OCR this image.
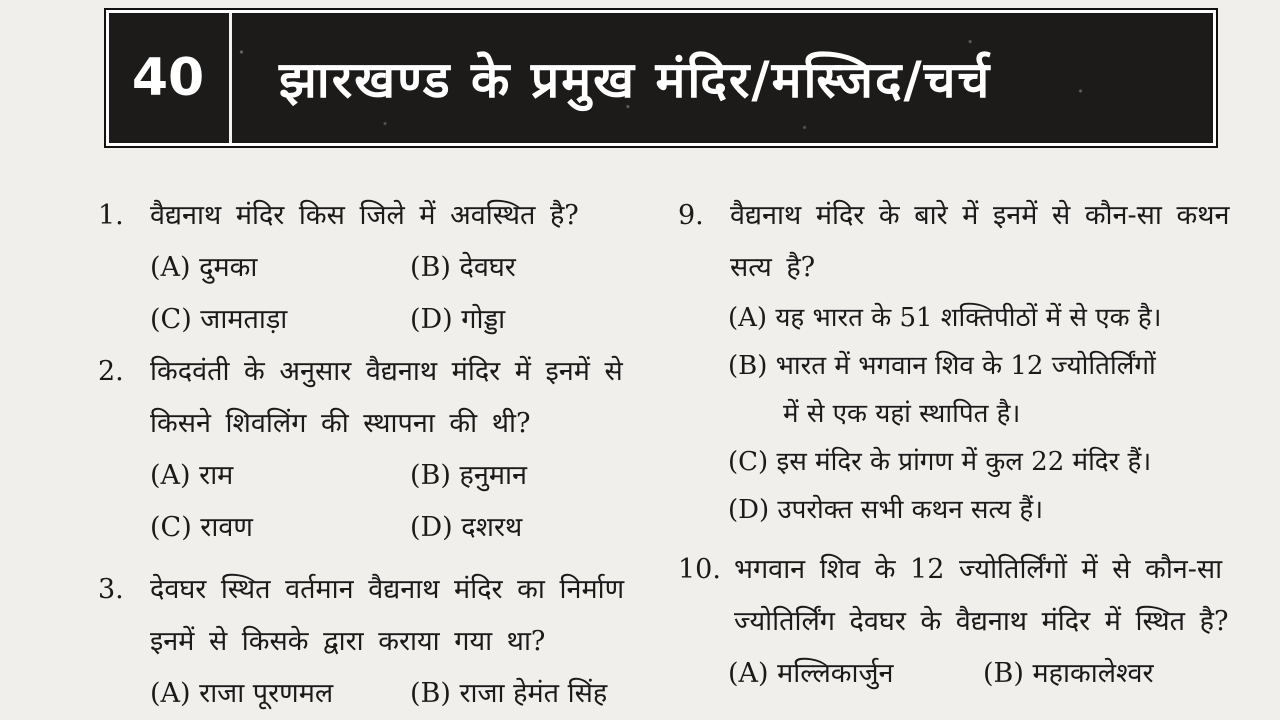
40	झारखण्ड के प्रमुख मंदिर/मस्जिद/चर्च
1. वैद्यनाथ मंदिर किस जिले में अवस्थित है?
(A) दुमका	(B) देवघर
(C) जामताड़ा	(D) गोड्डा
2. किदवंती के अनुसार वैद्यनाथ मंदिर में इनमें से किसने शिवलिंग की स्थापना की थी?
(A) राम	(B) हनुमान
(C) रावण	(D) दशरथ
3. देवघर स्थित वर्तमान वैद्यनाथ मंदिर का निर्माण इनमें से किसके द्वारा कराया गया था?
(A) राजा पूरणमल	(B) राजा हेमंत सिंह
9. वैद्यनाथ मंदिर के बारे में इनमें से कौन-सा कथन सत्य है?
(A) यह भारत के 51 शक्तिपीठों में से एक है।
(B) भारत में भगवान शिव के 12 ज्योतिर्लिंगों
में से एक यहां स्थापित है।
(C) इस मंदिर के प्रांगण में कुल 22 मंदिर हैं।
(D) उपरोक्त सभी कथन सत्य हैं।
10. भगवान शिव के 12 ज्योतिर्लिंगों में से कौन-सा ज्योतिर्लिंग देवघर के वैद्यनाथ मंदिर में स्थित है?
(A) मल्लिकार्जुन	(B) महाकालेश्वर
